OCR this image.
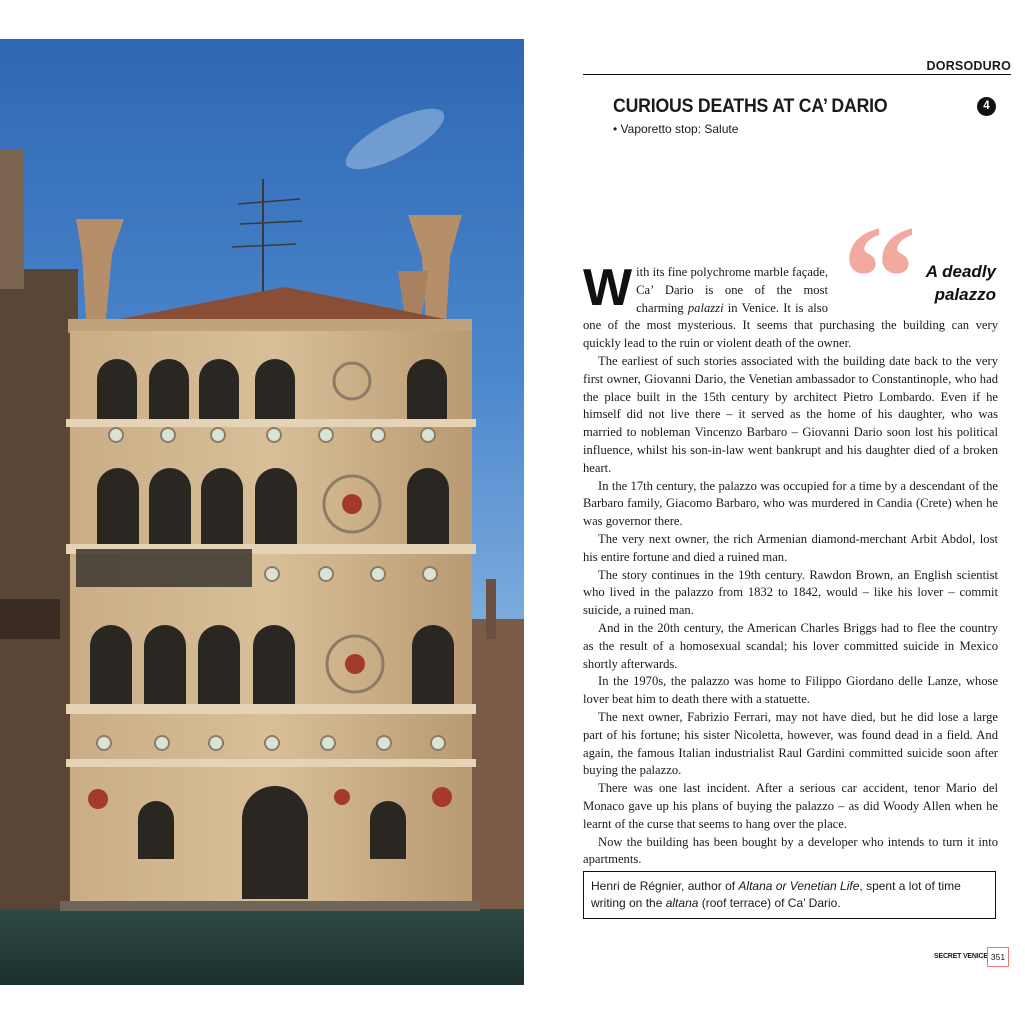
DORSODURO
CURIOUS DEATHS AT CA’ DARIO	4
• Vaporetto stop: Salute
“ A deadly
palazzo

With its fine polychrome marble façade, Ca’ Dario is one of the most charming palazzi in Venice. It is also one of the most mysterious. It seems that purchasing the building can very quickly lead to the ruin or violent death of the owner.

The earliest of such stories associated with the building date back to the very first owner, Giovanni Dario, the Venetian ambassador to Constantinople, who had the place built in the 15th century by architect Pietro Lombardo. Even if he himself did not live there – it served as the home of his daughter, who was married to nobleman Vincenzo Barbaro – Giovanni Dario soon lost his political influence, whilst his son-in-law went bankrupt and his daughter died of a broken heart.

In the 17th century, the palazzo was occupied for a time by a descendant of the Barbaro family, Giacomo Barbaro, who was murdered in Candia (Crete) when he was governor there.

The very next owner, the rich Armenian diamond-merchant Arbit Abdol, lost his entire fortune and died a ruined man.

The story continues in the 19th century. Rawdon Brown, an English scientist who lived in the palazzo from 1832 to 1842, would – like his lover – commit suicide, a ruined man.

And in the 20th century, the American Charles Briggs had to flee the country as the result of a homosexual scandal; his lover committed suicide in Mexico shortly afterwards.

In the 1970s, the palazzo was home to Filippo Giordano delle Lanze, whose lover beat him to death there with a statuette.

The next owner, Fabrizio Ferrari, may not have died, but he did lose a large part of his fortune; his sister Nicoletta, however, was found dead in a field. And again, the famous Italian industrialist Raul Gardini committed suicide soon after buying the palazzo.

There was one last incident. After a serious car accident, tenor Mario del Monaco gave up his plans of buying the palazzo – as did Woody Allen when he learnt of the curse that seems to hang over the place.

Now the building has been bought by a developer who intends to turn it into apartments.

Henri de Régnier, author of Altana or Venetian Life, spent a lot of time writing on the altana (roof terrace) of Ca’ Dario.
SECRET VENICE 351
